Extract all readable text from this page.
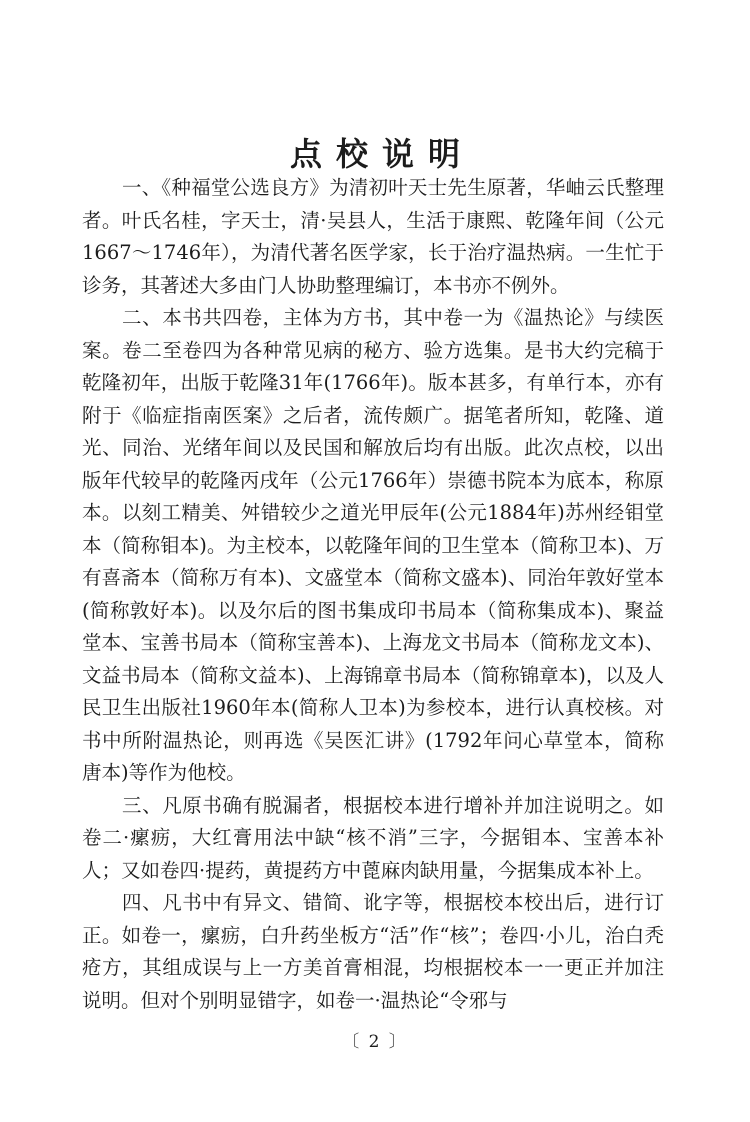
点校说明

一、《种福堂公选良方》为清初叶天士先生原著，华岫云氏整理者。叶氏名桂，字天士，清·吴县人，生活于康熙、乾隆年间（公元1667～1746年），为清代著名医学家，长于治疗温热病。一生忙于诊务，其著述大多由门人协助整理编订，本书亦不例外。

二、本书共四卷，主体为方书，其中卷一为《温热论》与续医案。卷二至卷四为各种常见病的秘方、验方选集。是书大约完稿于乾隆初年，出版于乾隆31年(1766年)。版本甚多，有单行本，亦有附于《临症指南医案》之后者，流传颇广。据笔者所知，乾隆、道光、同治、光绪年间以及民国和解放后均有出版。此次点校，以出版年代较早的乾隆丙戌年（公元1766年）崇德书院本为底本，称原本。以刻工精美、舛错较少之道光甲辰年(公元1884年)苏州经钼堂本（简称钼本)。为主校本，以乾隆年间的卫生堂本（简称卫本)、万有喜斋本（简称万有本)、文盛堂本（简称文盛本)、同治年敦好堂本(简称敦好本)。以及尔后的图书集成印书局本（简称集成本)、聚益堂本、宝善书局本（简称宝善本)、上海龙文书局本（简称龙文本)、文益书局本（简称文益本)、上海锦章书局本（简称锦章本)，以及人民卫生出版社1960年本(简称人卫本)为参校本，进行认真校核。对书中所附温热论，则再选《吴医汇讲》(1792年问心草堂本，简称唐本)等作为他校。

三、凡原书确有脱漏者，根据校本进行增补并加注说明之。如卷二·瘰疬，大红膏用法中缺“核不消”三字，今据钼本、宝善本补人；又如卷四·提药，黄提药方中蓖麻肉缺用量，今据集成本补上。

四、凡书中有异文、错简、讹字等，根据校本校出后，进行订正。如卷一，瘰疬，白升药坐板方“活”作“核”；卷四·小儿，治白秃疮方，其组成误与上一方美首膏相混，均根据校本一一更正并加注说明。但对个别明显错字，如卷一·温热论“令邪与

〔 2 〕
